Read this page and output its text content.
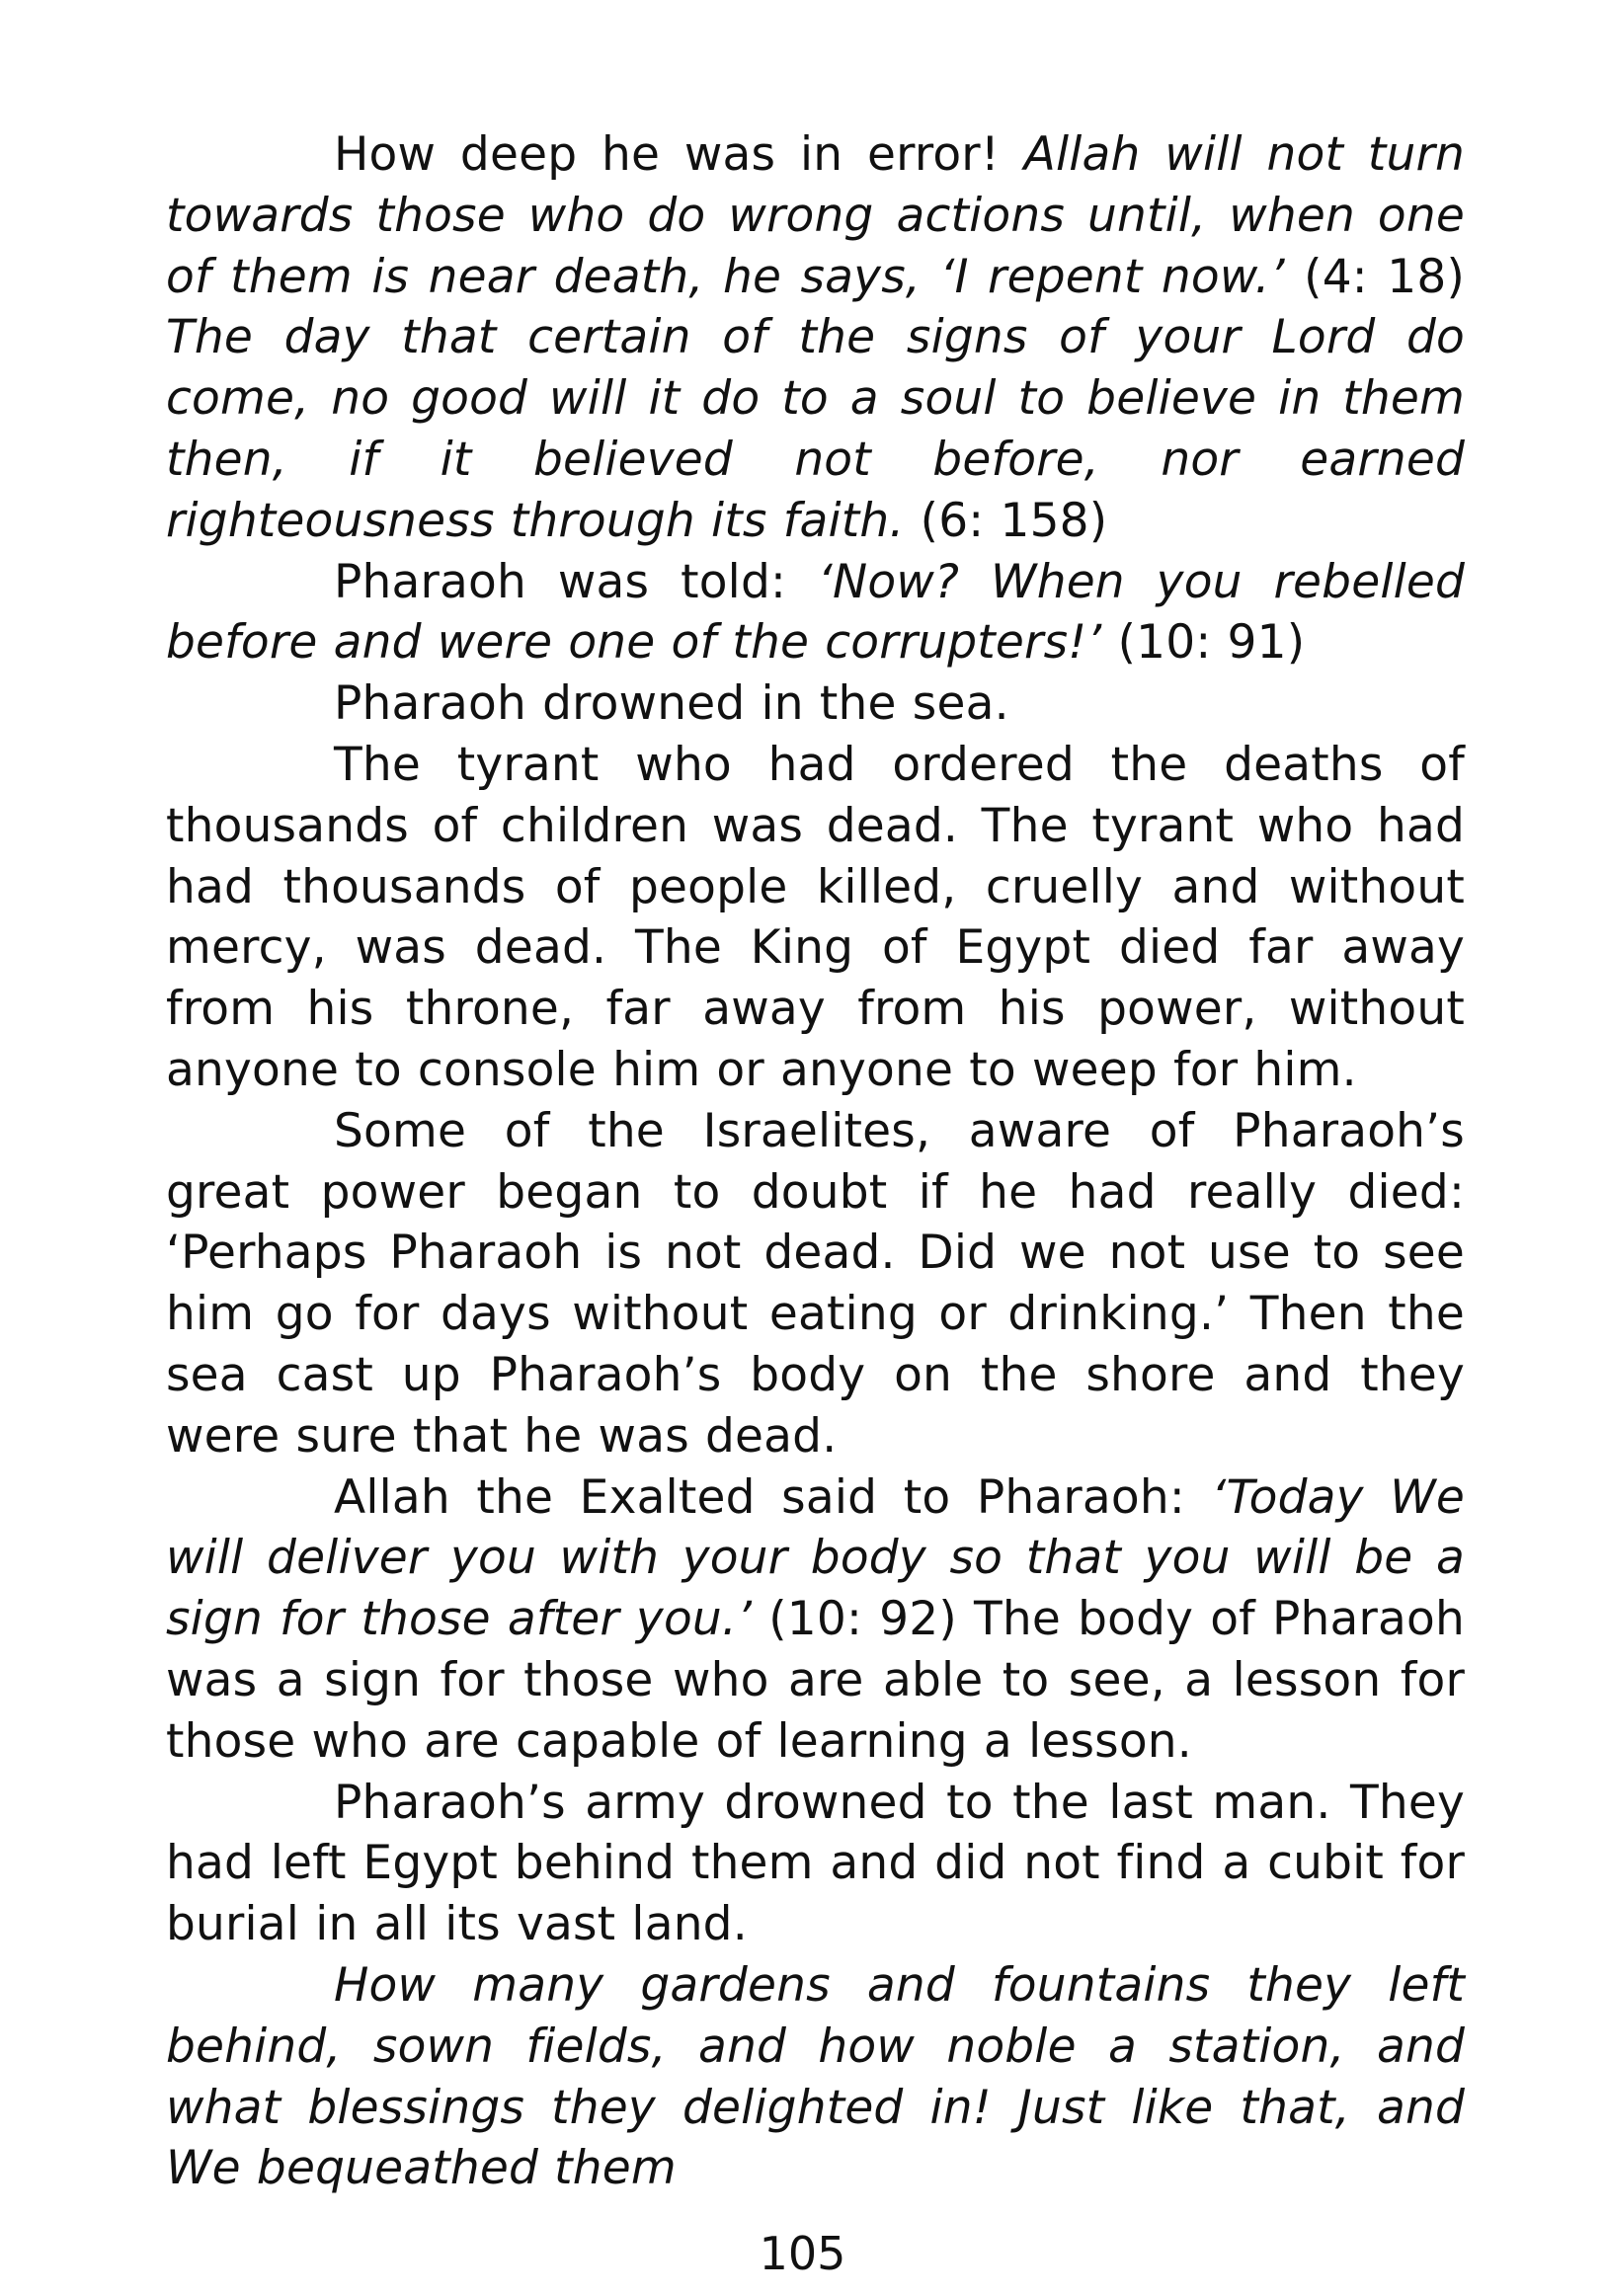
How deep he was in error! Allah will not turn towards those who do wrong actions until, when one of them is near death, he says, ‘I repent now.’ (4: 18) The day that certain of the signs of your Lord do come, no good will it do to a soul to believe in them then, if it believed not before, nor earned righteousness through its faith. (6: 158)

Pharaoh was told: ‘Now? When you rebelled before and were one of the corrupters!’ (10: 91)

Pharaoh drowned in the sea.

The tyrant who had ordered the deaths of thousands of children was dead. The tyrant who had had thousands of people killed, cruelly and without mercy, was dead. The King of Egypt died far away from his throne, far away from his power, without anyone to console him or anyone to weep for him.

Some of the Israelites, aware of Pharaoh’s great power began to doubt if he had really died: ‘Perhaps Pharaoh is not dead. Did we not use to see him go for days without eating or drinking.’ Then the sea cast up Pharaoh’s body on the shore and they were sure that he was dead.

Allah the Exalted said to Pharaoh: ‘Today We will deliver you with your body so that you will be a sign for those after you.’ (10: 92) The body of Pharaoh was a sign for those who are able to see, a lesson for those who are capable of learning a lesson.

Pharaoh’s army drowned to the last man. They had left Egypt behind them and did not find a cubit for burial in all its vast land.

How many gardens and fountains they left behind, sown fields, and how noble a station, and what blessings they delighted in! Just like that, and We bequeathed them

105
